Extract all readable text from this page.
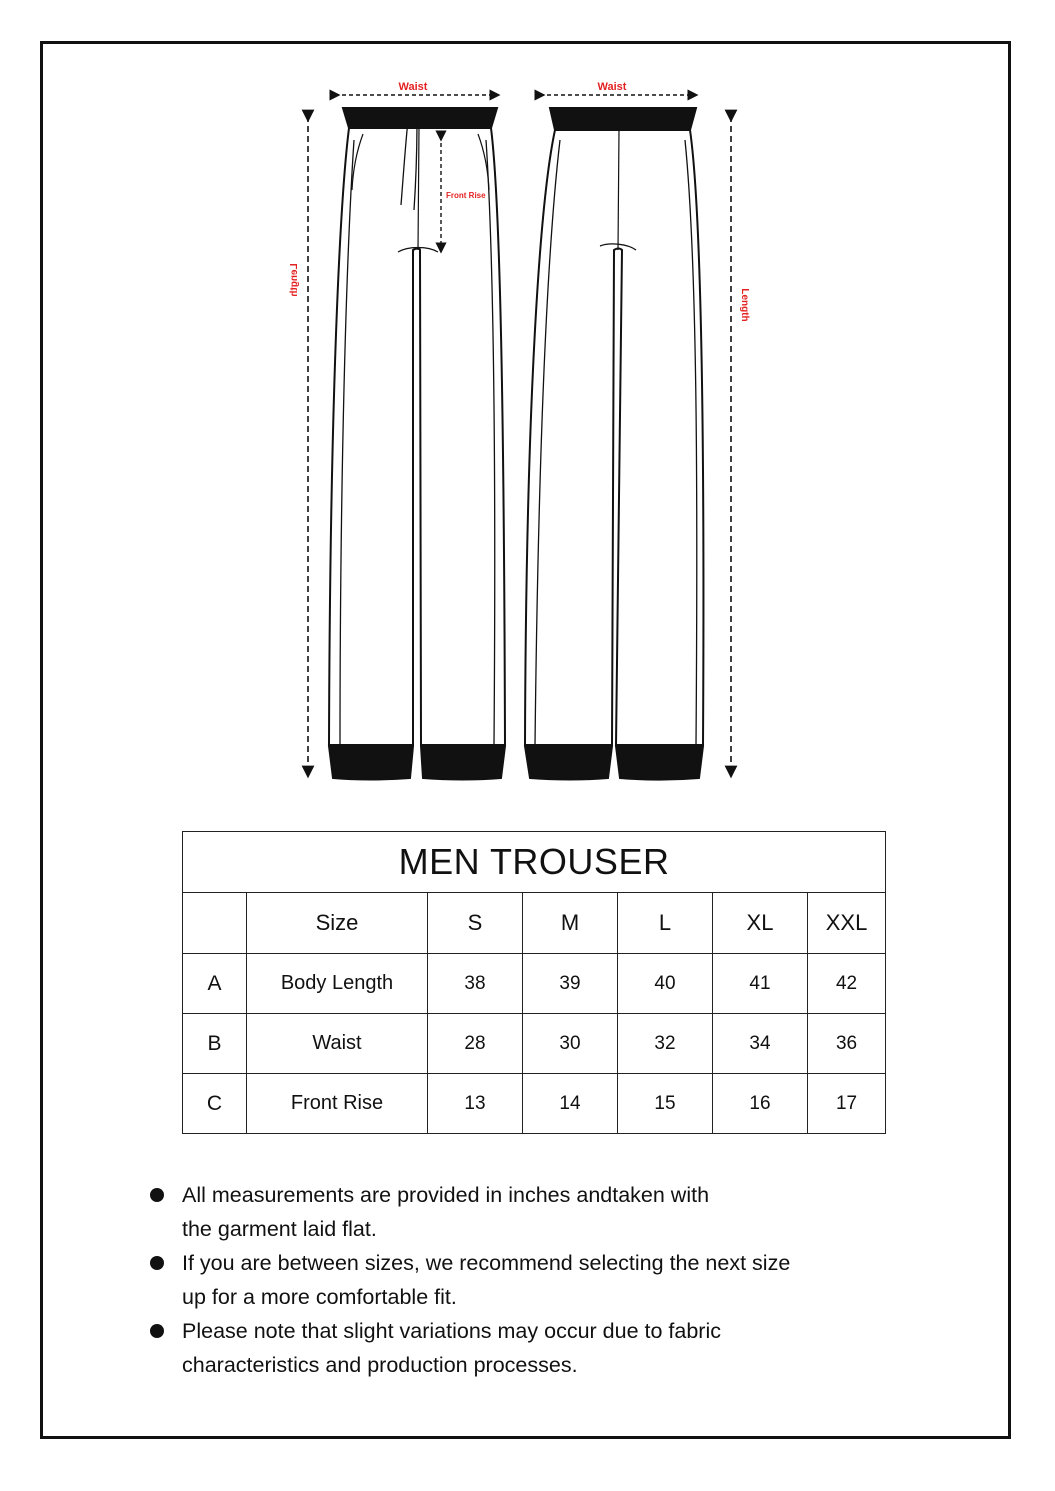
Waist
Front Rise
Length
Waist
Length
MEN TROUSER						
	Size	S	M	L	XL	XXL
A	Body Length	38	39	40	41	42
B	Waist	28	30	32	34	36
C	Front Rise	13	14	15	16	17
All measurements are provided in inches andtaken with
the garment laid flat.
If you are between sizes, we recommend selecting the next size
up for a more comfortable fit.
Please note that slight variations may occur due to fabric
characteristics and production processes.
